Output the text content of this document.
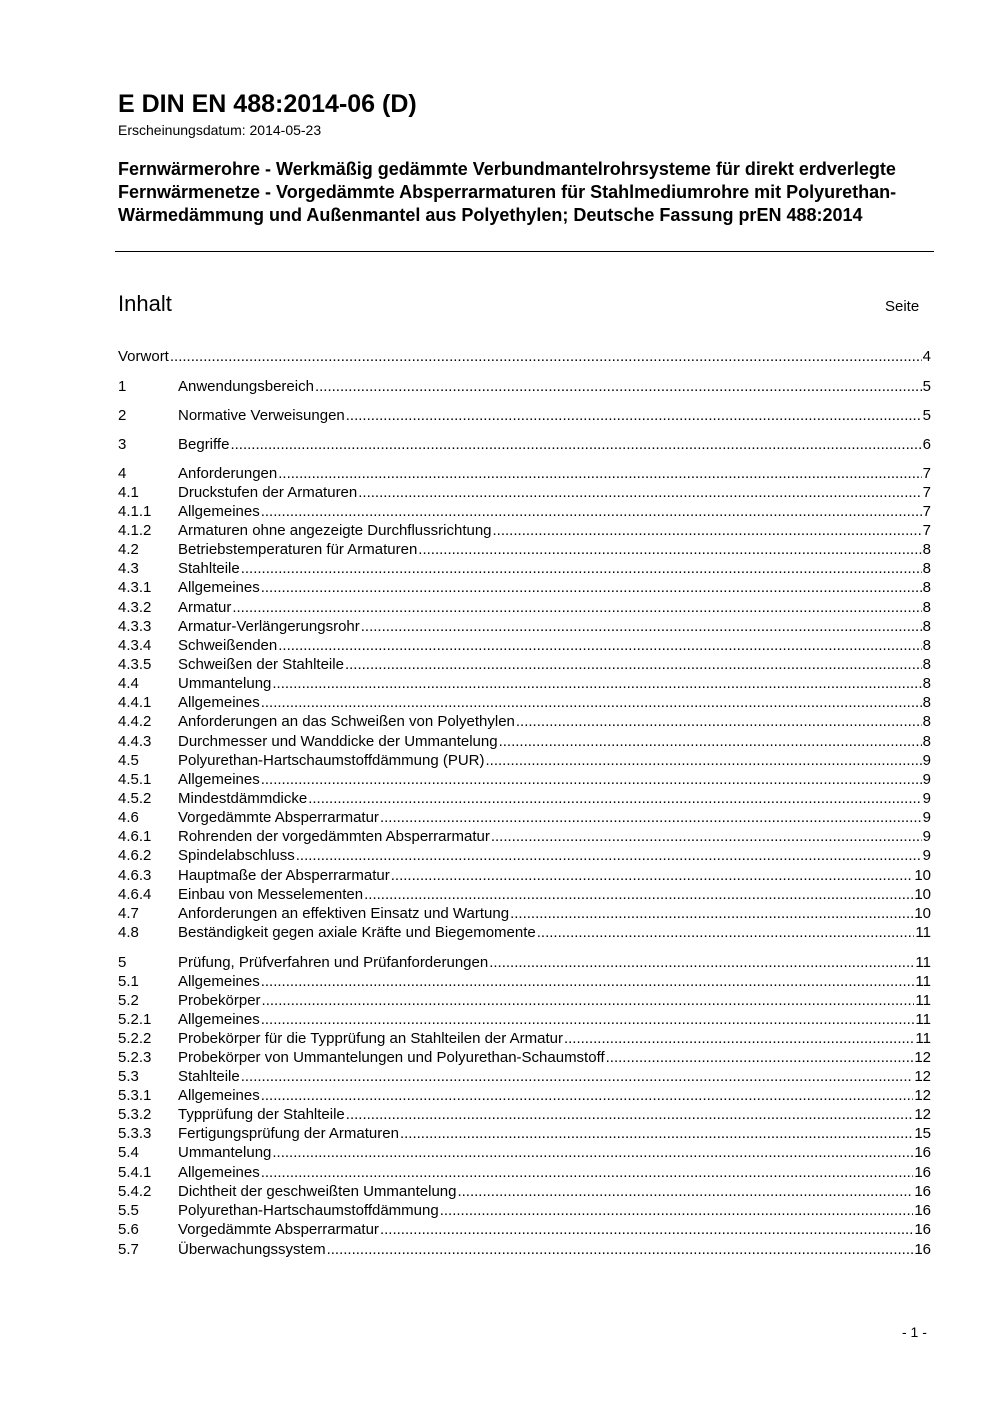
E DIN EN 488:2014-06 (D)
Erscheinungsdatum: 2014-05-23
Fernwärmerohre - Werkmäßig gedämmte Verbundmantelrohrsysteme für direkt erdverlegte Fernwärmenetze - Vorgedämmte Absperrarmaturen für Stahlmediumrohre mit Polyurethan-Wärmedämmung und Außenmantel aus Polyethylen; Deutsche Fassung prEN 488:2014
Inhalt	Seite
Vorwort .....	4
1	Anwendungsbereich .....	5
2	Normative Verweisungen .....	5
3	Begriffe .....	6
4	Anforderungen .....	7
4.1	Druckstufen der Armaturen .....	7
4.1.1	Allgemeines .....	7
4.1.2	Armaturen ohne angezeigte Durchflussrichtung .....	7
4.2	Betriebstemperaturen für Armaturen .....	8
4.3	Stahlteile .....	8
4.3.1	Allgemeines .....	8
4.3.2	Armatur .....	8
4.3.3	Armatur-Verlängerungsrohr .....	8
4.3.4	Schweißenden .....	8
4.3.5	Schweißen der Stahlteile .....	8
4.4	Ummantelung .....	8
4.4.1	Allgemeines .....	8
4.4.2	Anforderungen an das Schweißen von Polyethylen .....	8
4.4.3	Durchmesser und Wanddicke der Ummantelung .....	8
4.5	Polyurethan-Hartschaumstoffdämmung (PUR) .....	9
4.5.1	Allgemeines .....	9
4.5.2	Mindestdämmdicke .....	9
4.6	Vorgedämmte Absperrarmatur .....	9
4.6.1	Rohrenden der vorgedämmten Absperrarmatur .....	9
4.6.2	Spindelabschluss .....	9
4.6.3	Hauptmaße der Absperrarmatur .....	10
4.6.4	Einbau von Messelementen .....	10
4.7	Anforderungen an effektiven Einsatz und Wartung .....	10
4.8	Beständigkeit gegen axiale Kräfte und Biegemomente .....	11
5	Prüfung, Prüfverfahren und Prüfanforderungen .....	11
5.1	Allgemeines .....	11
5.2	Probekörper .....	11
5.2.1	Allgemeines .....	11
5.2.2	Probekörper für die Typprüfung an Stahlteilen der Armatur .....	11
5.2.3	Probekörper von Ummantelungen und Polyurethan-Schaumstoff .....	12
5.3	Stahlteile .....	12
5.3.1	Allgemeines .....	12
5.3.2	Typprüfung der Stahlteile .....	12
5.3.3	Fertigungsprüfung der Armaturen .....	15
5.4	Ummantelung .....	16
5.4.1	Allgemeines .....	16
5.4.2	Dichtheit der geschweißten Ummantelung .....	16
5.5	Polyurethan-Hartschaumstoffdämmung .....	16
5.6	Vorgedämmte Absperrarmatur .....	16
5.7	Überwachungssystem .....	16
- 1 -
